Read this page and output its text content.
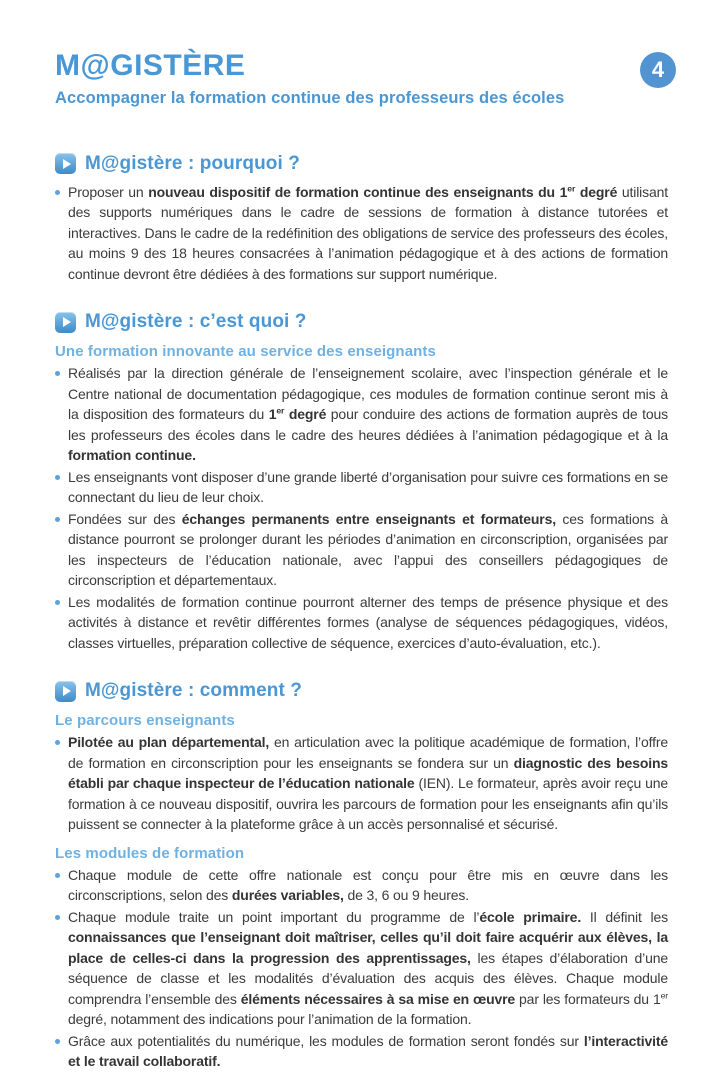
M@GISTÈRE

Accompagner la formation continue des professeurs des écoles

4
M@gistère : pourquoi ?
Proposer un nouveau dispositif de formation continue des enseignants du 1er degré utilisant des supports numériques dans le cadre de sessions de formation à distance tutorées et interactives. Dans le cadre de la redéfinition des obligations de service des professeurs des écoles, au moins 9 des 18 heures consacrées à l’animation pédagogique et à des actions de formation continue devront être dédiées à des formations sur support numérique.
M@gistère : c’est quoi ?
Une formation innovante au service des enseignants
Réalisés par la direction générale de l’enseignement scolaire, avec l’inspection générale et le Centre national de documentation pédagogique, ces modules de formation continue seront mis à la disposition des formateurs du 1er degré pour conduire des actions de formation auprès de tous les professeurs des écoles dans le cadre des heures dédiées à l’animation pédagogique et à la formation continue.
Les enseignants vont disposer d’une grande liberté d’organisation pour suivre ces formations en se connectant du lieu de leur choix.
Fondées sur des échanges permanents entre enseignants et formateurs, ces formations à distance pourront se prolonger durant les périodes d’animation en circonscription, organisées par les inspecteurs de l’éducation nationale, avec l’appui des conseillers pédagogiques de circonscription et départementaux.
Les modalités de formation continue pourront alterner des temps de présence physique et des activités à distance et revêtir différentes formes (analyse de séquences pédagogiques, vidéos, classes virtuelles, préparation collective de séquence, exercices d’auto-évaluation, etc.).
M@gistère : comment ?
Le parcours enseignants
Pilotée au plan départemental, en articulation avec la politique académique de formation, l’offre de formation en circonscription pour les enseignants se fondera sur un diagnostic des besoins établi par chaque inspecteur de l’éducation nationale (IEN). Le formateur, après avoir reçu une formation à ce nouveau dispositif, ouvrira les parcours de formation pour les enseignants afin qu’ils puissent se connecter à la plateforme grâce à un accès personnalisé et sécurisé.
Les modules de formation
Chaque module de cette offre nationale est conçu pour être mis en œuvre dans les circonscriptions, selon des durées variables, de 3, 6 ou 9 heures.
Chaque module traite un point important du programme de l’école primaire. Il définit les connaissances que l’enseignant doit maîtriser, celles qu’il doit faire acquérir aux élèves, la place de celles-ci dans la progression des apprentissages, les étapes d’élaboration d’une séquence de classe et les modalités d’évaluation des acquis des élèves. Chaque module comprendra l’ensemble des éléments nécessaires à sa mise en œuvre par les formateurs du 1er degré, notamment des indications pour l’animation de la formation.
Grâce aux potentialités du numérique, les modules de formation seront fondés sur l’interactivité et le travail collaboratif.
